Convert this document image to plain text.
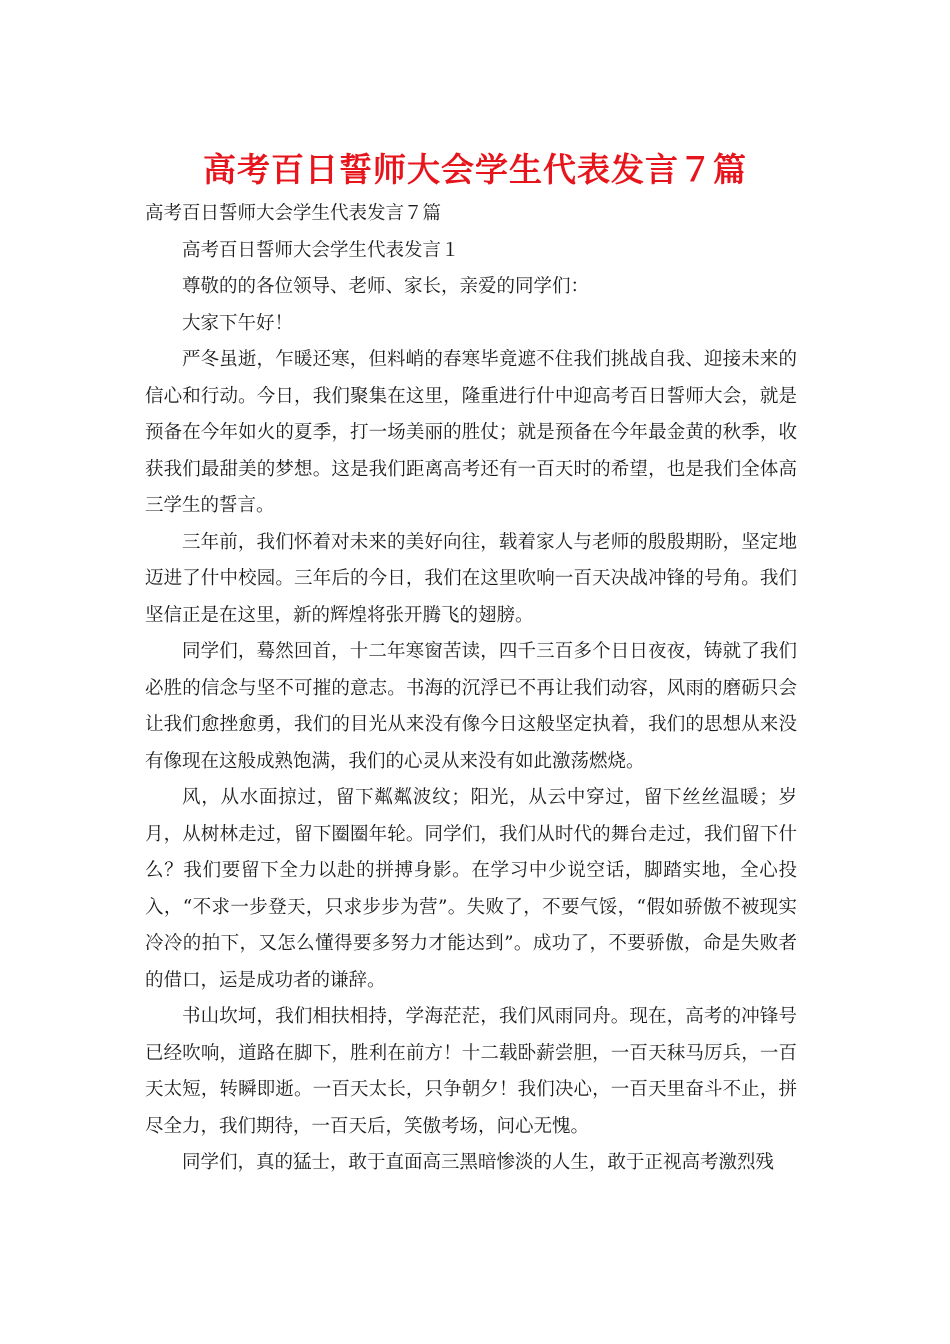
高考百日誓师大会学生代表发言７篇

高考百日誓师大会学生代表发言７篇

高考百日誓师大会学生代表发言１

尊敬的的各位领导、老师、家长，亲爱的同学们：

大家下午好！

严冬虽逝，乍暖还寒，但料峭的春寒毕竟遮不住我们挑战自我、迎接未来的信心和行动。今日，我们聚集在这里，隆重进行什中迎高考百日誓师大会，就是预备在今年如火的夏季，打一场美丽的胜仗；就是预备在今年最金黄的秋季，收获我们最甜美的梦想。这是我们距离高考还有一百天时的希望，也是我们全体高三学生的誓言。

三年前，我们怀着对未来的美好向往，载着家人与老师的殷殷期盼，坚定地迈进了什中校园。三年后的今日，我们在这里吹响一百天决战冲锋的号角。我们坚信正是在这里，新的辉煌将张开腾飞的翅膀。

同学们，蓦然回首，十二年寒窗苦读，四千三百多个日日夜夜，铸就了我们必胜的信念与坚不可摧的意志。书海的沉浮已不再让我们动容，风雨的磨砺只会让我们愈挫愈勇，我们的目光从来没有像今日这般坚定执着，我们的思想从来没有像现在这般成熟饱满，我们的心灵从来没有如此激荡燃烧。

风，从水面掠过，留下粼粼波纹；阳光，从云中穿过，留下丝丝温暖；岁月，从树林走过，留下圈圈年轮。同学们，我们从时代的舞台走过，我们留下什么？我们要留下全力以赴的拼搏身影。在学习中少说空话，脚踏实地，全心投入，“不求一步登天，只求步步为营”。失败了，不要气馁，“假如骄傲不被现实冷冷的拍下，又怎么懂得要多努力才能达到”。成功了，不要骄傲，命是失败者的借口，运是成功者的谦辞。

书山坎坷，我们相扶相持，学海茫茫，我们风雨同舟。现在，高考的冲锋号已经吹响，道路在脚下，胜利在前方！十二载卧薪尝胆，一百天秣马厉兵，一百天太短，转瞬即逝。一百天太长，只争朝夕！我们决心，一百天里奋斗不止，拼尽全力，我们期待，一百天后，笑傲考场，问心无愧。

同学们，真的猛士，敢于直面高三黑暗惨淡的人生，敢于正视高考激烈残
